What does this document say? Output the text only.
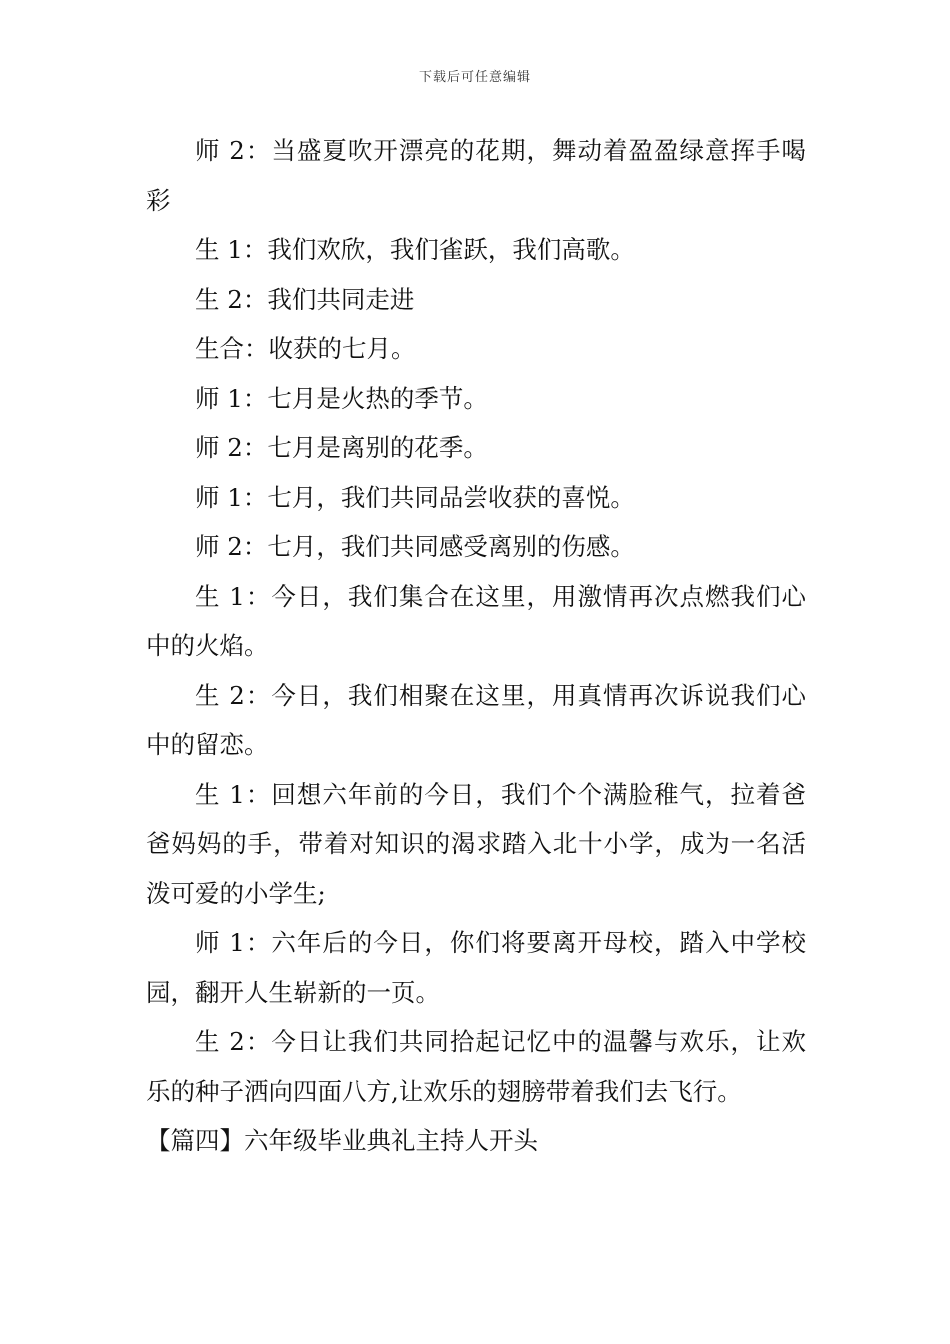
下载后可任意编辑

师 2：当盛夏吹开漂亮的花期，舞动着盈盈绿意挥手喝彩

生 1：我们欢欣，我们雀跃，我们高歌。

生 2：我们共同走进

生合：收获的七月。

师 1：七月是火热的季节。

师 2：七月是离别的花季。

师 1：七月，我们共同品尝收获的喜悦。

师 2：七月，我们共同感受离别的伤感。

生 1：今日，我们集合在这里，用激情再次点燃我们心中的火焰。

生 2：今日，我们相聚在这里，用真情再次诉说我们心中的留恋。

生 1：回想六年前的今日，我们个个满脸稚气，拉着爸爸妈妈的手，带着对知识的渴求踏入北十小学，成为一名活泼可爱的小学生;

师 1：六年后的今日，你们将要离开母校，踏入中学校园，翻开人生崭新的一页。

生 2：今日让我们共同拾起记忆中的温馨与欢乐，让欢乐的种子洒向四面八方,让欢乐的翅膀带着我们去飞行。

【篇四】六年级毕业典礼主持人开头
